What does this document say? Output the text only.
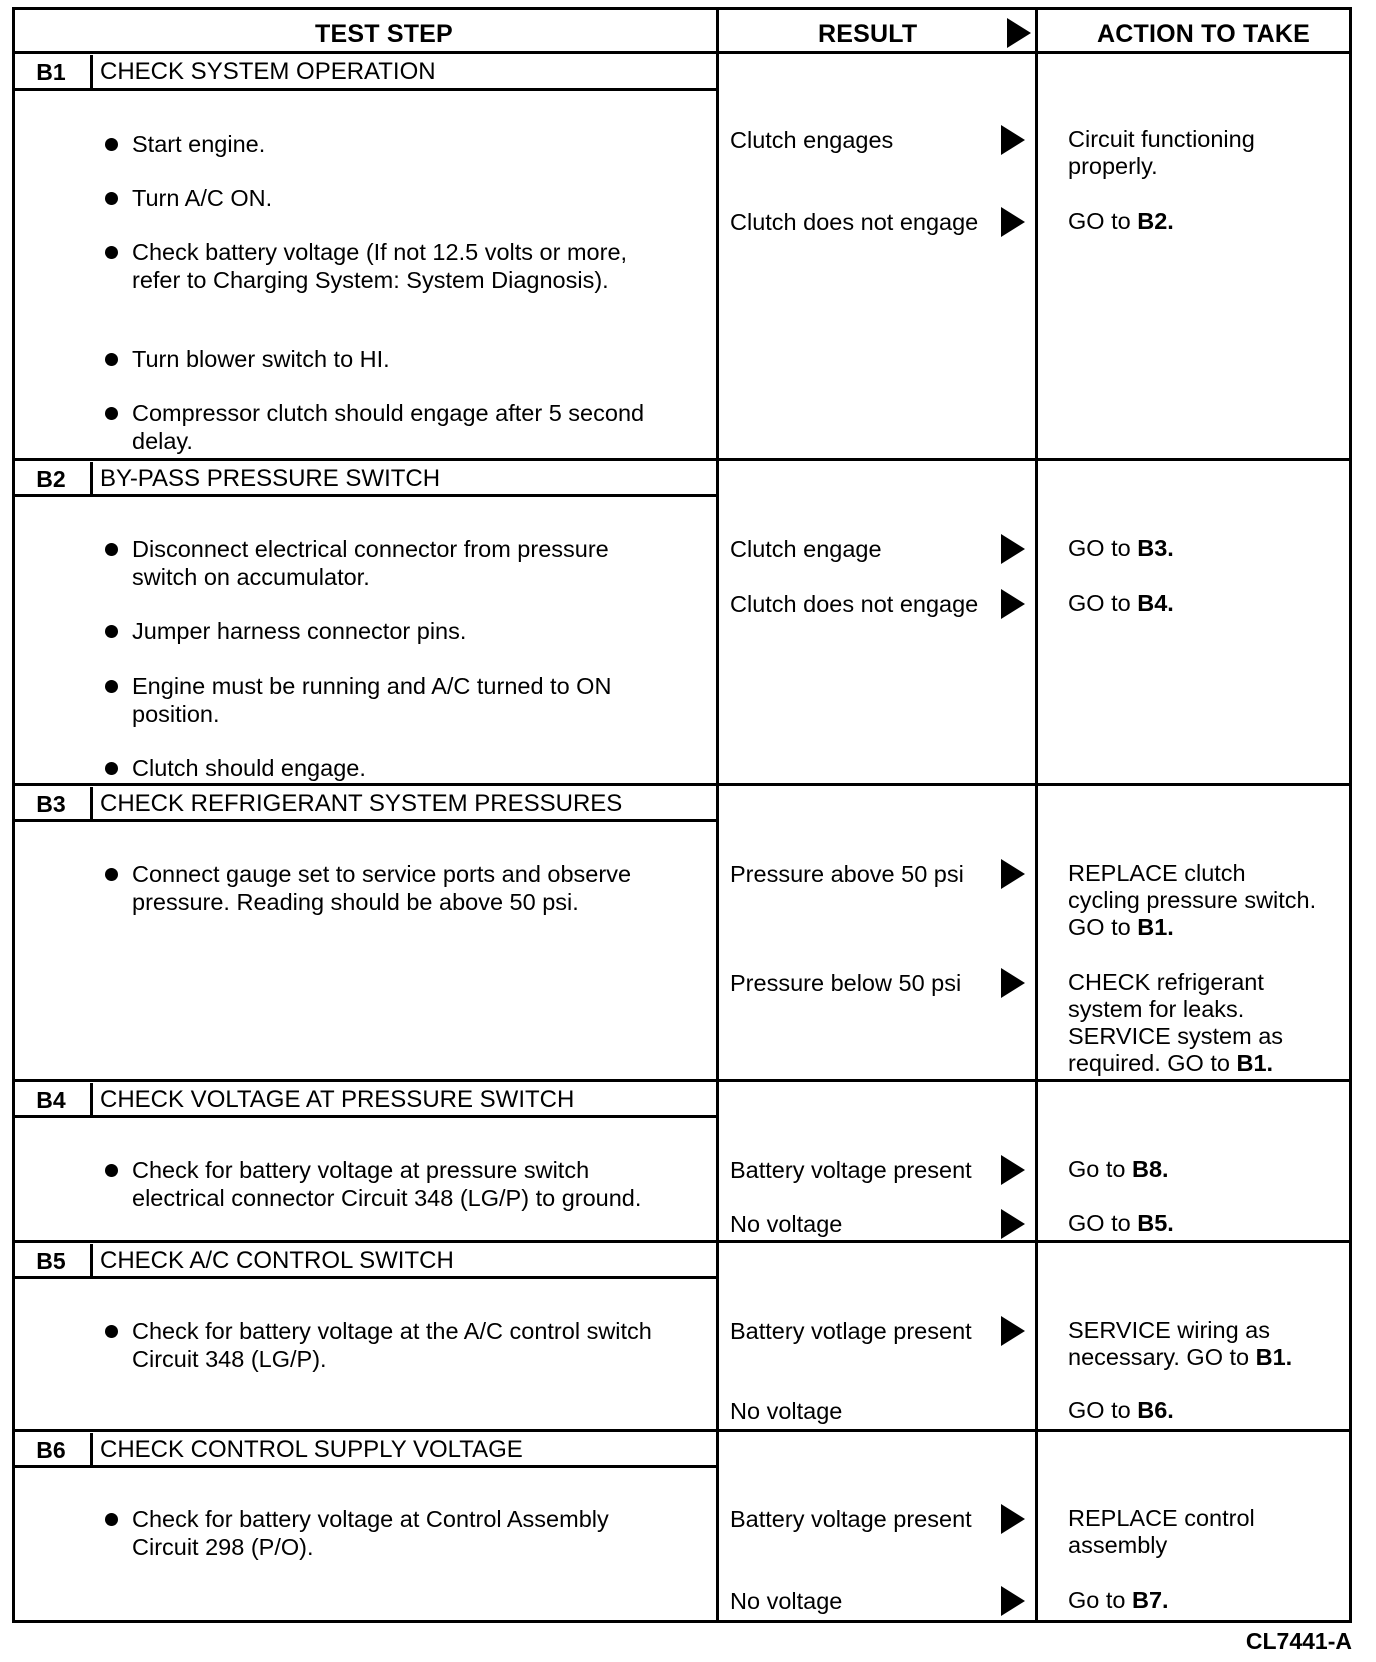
TEST STEP	RESULT	ACTION TO TAKE
B1	CHECK SYSTEM OPERATION
Start engine.
Turn A/C ON.
Check battery voltage (If not 12.5 volts or more, refer to Charging System: System Diagnosis).
Turn blower switch to HI.
Compressor clutch should engage after 5 second delay.
Clutch engages	Circuit functioning properly.
Clutch does not engage	GO to B2.
B2	BY-PASS PRESSURE SWITCH
Disconnect electrical connector from pressure switch on accumulator.
Jumper harness connector pins.
Engine must be running and A/C turned to ON position.
Clutch should engage.
Clutch engage	GO to B3.
Clutch does not engage	GO to B4.
B3	CHECK REFRIGERANT SYSTEM PRESSURES
Connect gauge set to service ports and observe pressure. Reading should be above 50 psi.
Pressure above 50 psi	REPLACE clutch cycling pressure switch. GO to B1.
Pressure below 50 psi	CHECK refrigerant system for leaks. SERVICE system as required. GO to B1.
B4	CHECK VOLTAGE AT PRESSURE SWITCH
Check for battery voltage at pressure switch electrical connector Circuit 348 (LG/P) to ground.
Battery voltage present	Go to B8.
No voltage	GO to B5.
B5	CHECK A/C CONTROL SWITCH
Check for battery voltage at the A/C control switch Circuit 348 (LG/P).
Battery votlage present	SERVICE wiring as necessary. GO to B1.
No voltage	GO to B6.
B6	CHECK CONTROL SUPPLY VOLTAGE
Check for battery voltage at Control Assembly Circuit 298 (P/O).
Battery voltage present	REPLACE control assembly
No voltage	Go to B7.
CL7441-A
